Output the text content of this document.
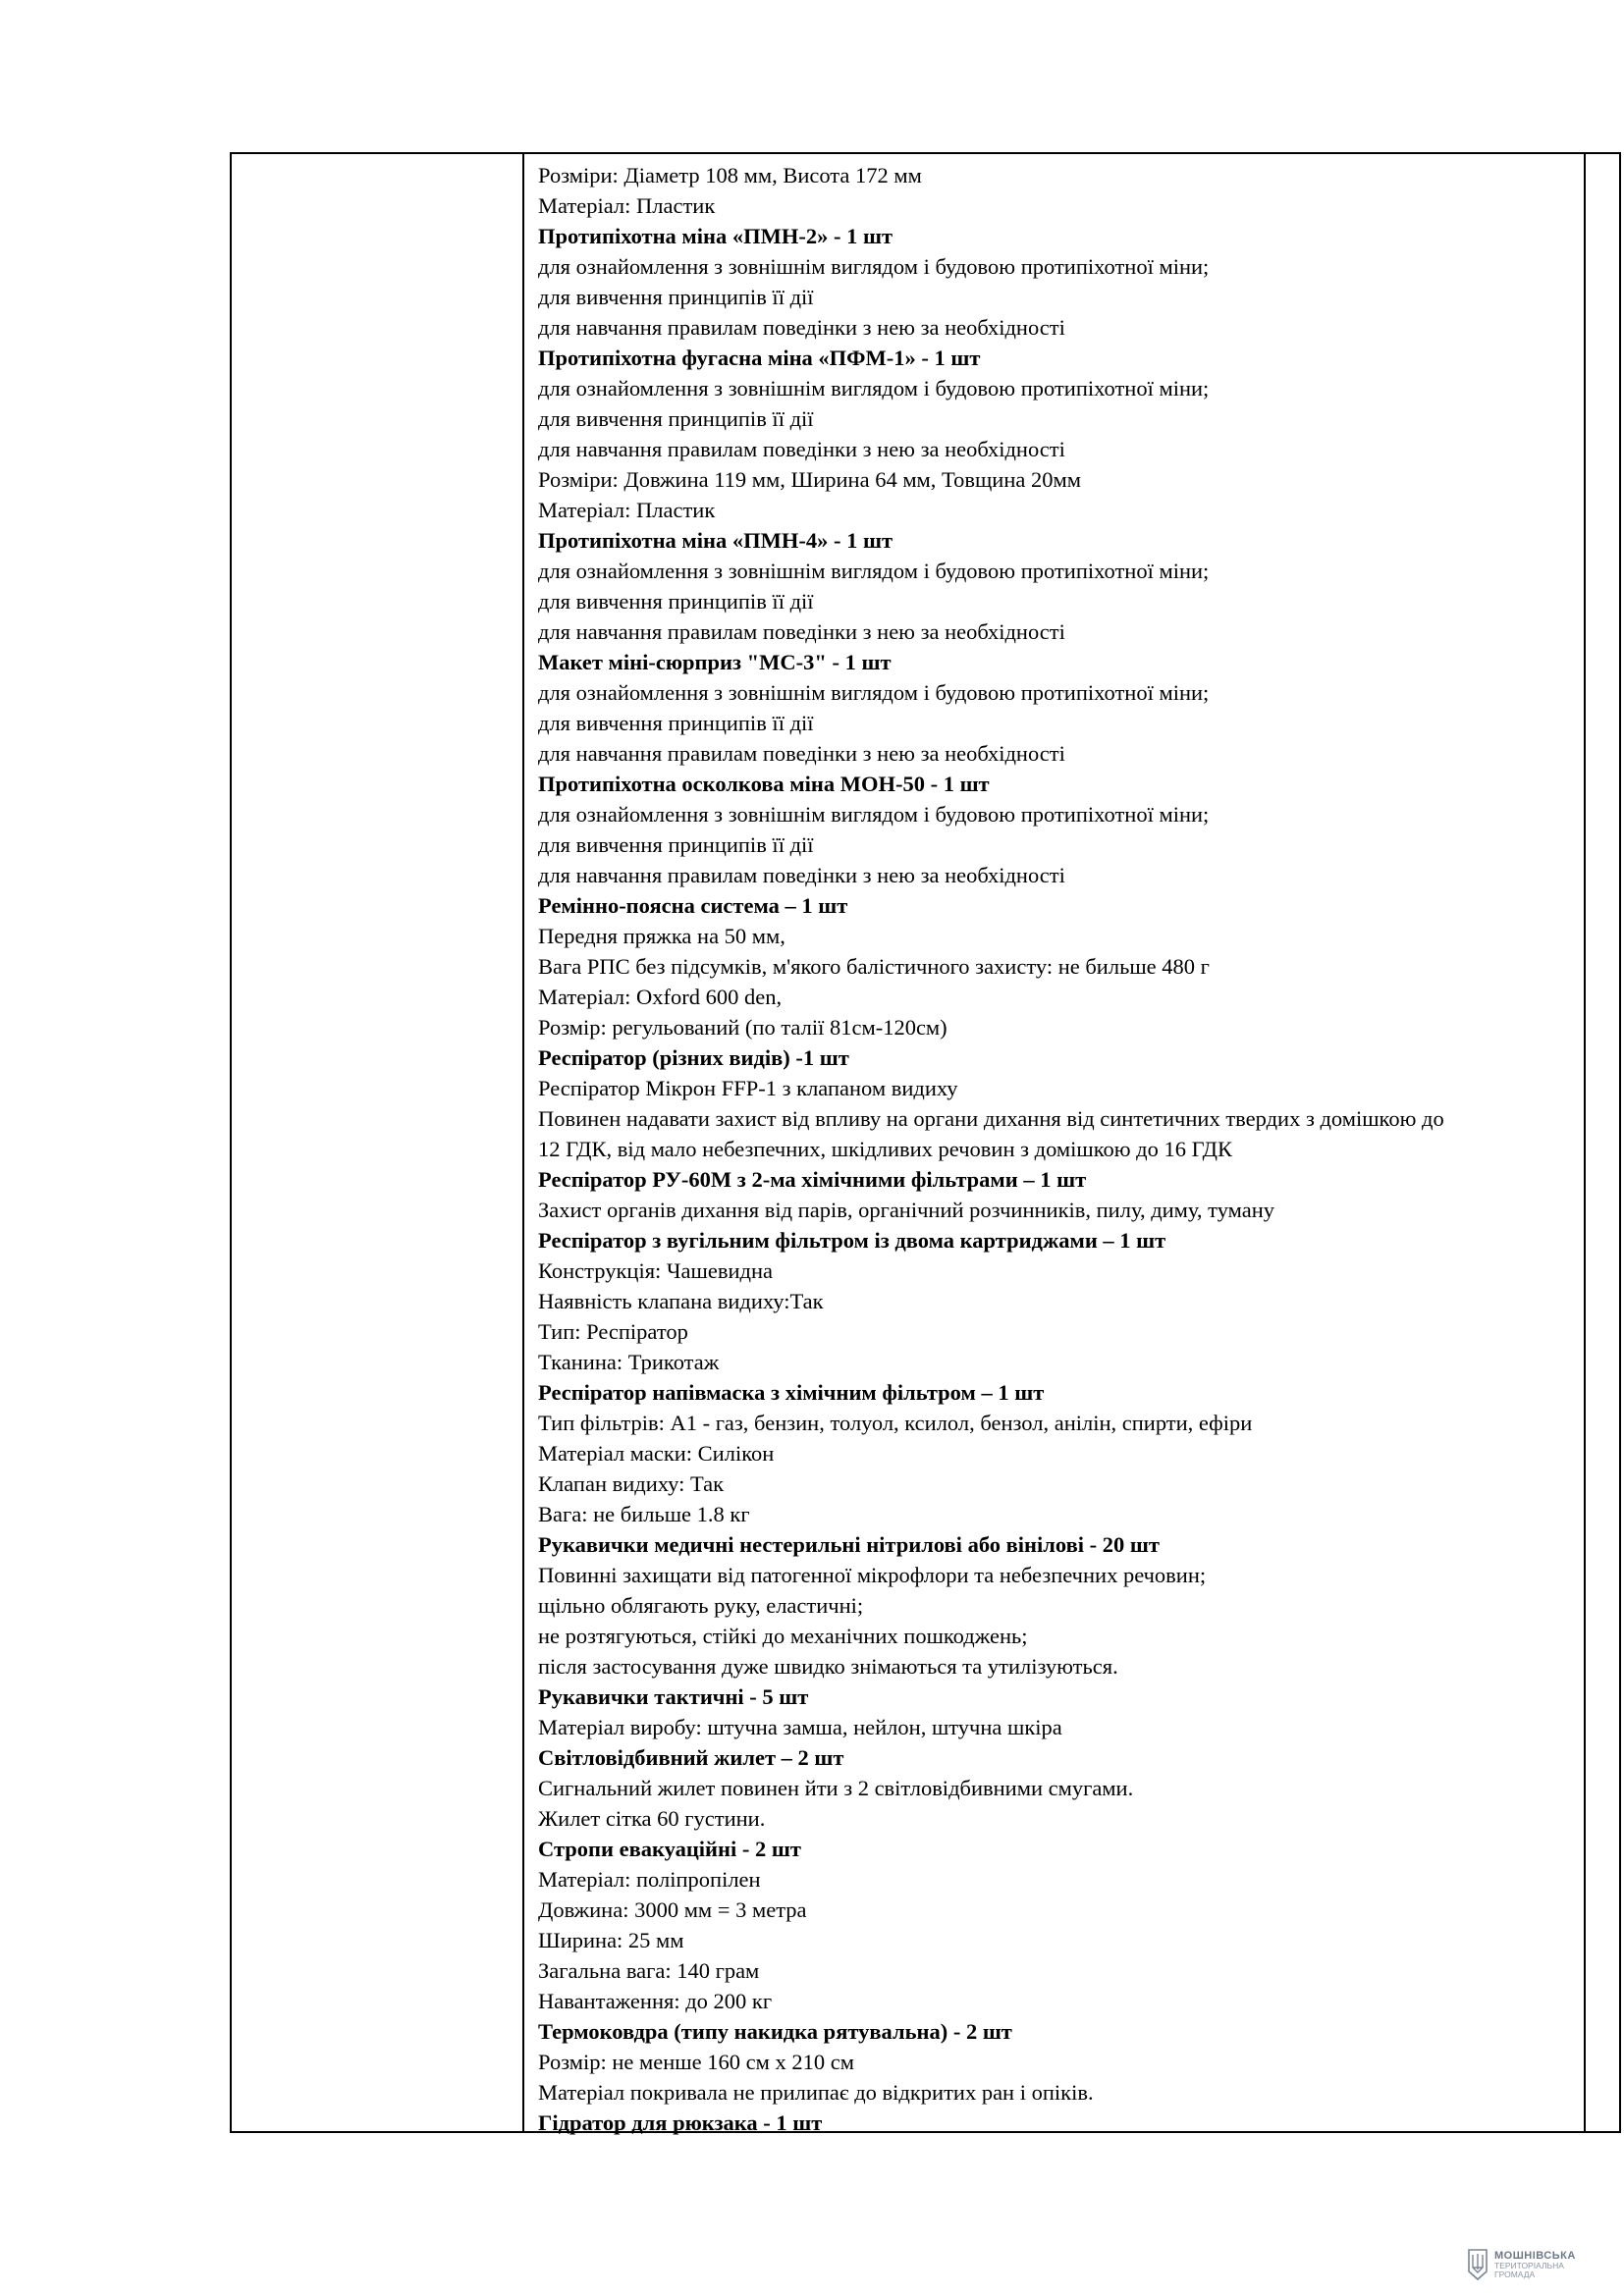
Розміри: Діаметр 108 мм, Висота 172 мм
Матеріал: Пластик
Протипіхотна міна «ПМН-2» - 1 шт
для ознайомлення з зовнішнім виглядом і будовою протипіхотної міни;
для вивчення принципів її дії
для навчання правилам поведінки з нею за необхідності
Протипіхотна фугасна міна «ПФМ-1» - 1 шт
для ознайомлення з зовнішнім виглядом і будовою протипіхотної міни;
для вивчення принципів її дії
для навчання правилам поведінки з нею за необхідності
Розміри: Довжина 119 мм, Ширина 64 мм, Товщина 20мм
Матеріал: Пластик
Протипіхотна міна «ПМН-4» - 1 шт
для ознайомлення з зовнішнім виглядом і будовою протипіхотної міни;
для вивчення принципів її дії
для навчання правилам поведінки з нею за необхідності
Макет міні-сюрприз "МС-3" - 1 шт
для ознайомлення з зовнішнім виглядом і будовою протипіхотної міни;
для вивчення принципів її дії
для навчання правилам поведінки з нею за необхідності
Протипіхотна осколкова міна МОН-50 - 1 шт
для ознайомлення з зовнішнім виглядом і будовою протипіхотної міни;
для вивчення принципів її дії
для навчання правилам поведінки з нею за необхідності
Ремінно-поясна система – 1 шт
Передня пряжка на 50 мм,
Вага РПС без підсумків, м'якого балістичного захисту: не бильше 480 г
Матеріал: Oxford 600 den,
Розмір: регульований (по талії 81см-120см)
Респіратор (різних видів) -1 шт
Респіратор Мікрон FFP-1 з клапаном видиху
Повинен надавати захист від впливу на органи дихання від синтетичних твердих з домішкою до
12 ГДК, від мало небезпечних, шкідливих речовин з домішкою до 16 ГДК
Респіратор РУ-60М з 2-ма хімічними фільтрами – 1 шт
Захист органів дихання від парів, органічний розчинників, пилу, диму, туману
Респіратор з вугільним фільтром із двома картриджами – 1 шт
Конструкція: Чашевидна
Наявність клапана видиху:Так
Тип: Респіратор
Тканина: Трикотаж
Респіратор напівмаска з хімічним фільтром – 1 шт
Тип фільтрів: А1 - газ, бензин, толуол, ксилол, бензол, анілін, спирти, ефіри
Матеріал маски: Силікон
Клапан видиху: Так
Вага: не бильше 1.8 кг
Рукавички медичні нестерильні нітрилові або вінілові - 20 шт
Повинні захищати від патогенної мікрофлори та небезпечних речовин;
щільно облягають руку, еластичні;
не розтягуються, стійкі до механічних пошкоджень;
після застосування дуже швидко знімаються та утилізуються.
Рукавички тактичні - 5 шт
Матеріал виробу: штучна замша, нейлон, штучна шкіра
Світловідбивний жилет – 2 шт
Сигнальний жилет повинен йти з 2 світловідбивними смугами.
Жилет сітка 60 густини.
Стропи евакуаційні - 2 шт
Матеріал: поліпропілен
Довжина: 3000 мм = 3 метра
Ширина: 25 мм
Загальна вага: 140 грам
Навантаження: до 200 кг
Термоковдра (типу накидка рятувальна) - 2 шт
Розмір: не менше 160 см х 210 см
Матеріал покривала не прилипає до відкритих ран і опіків.
Гідратор для рюкзака - 1 шт
МОШНІВСЬКА
ТЕРИТОРІАЛЬНА
ГРОМАДА
